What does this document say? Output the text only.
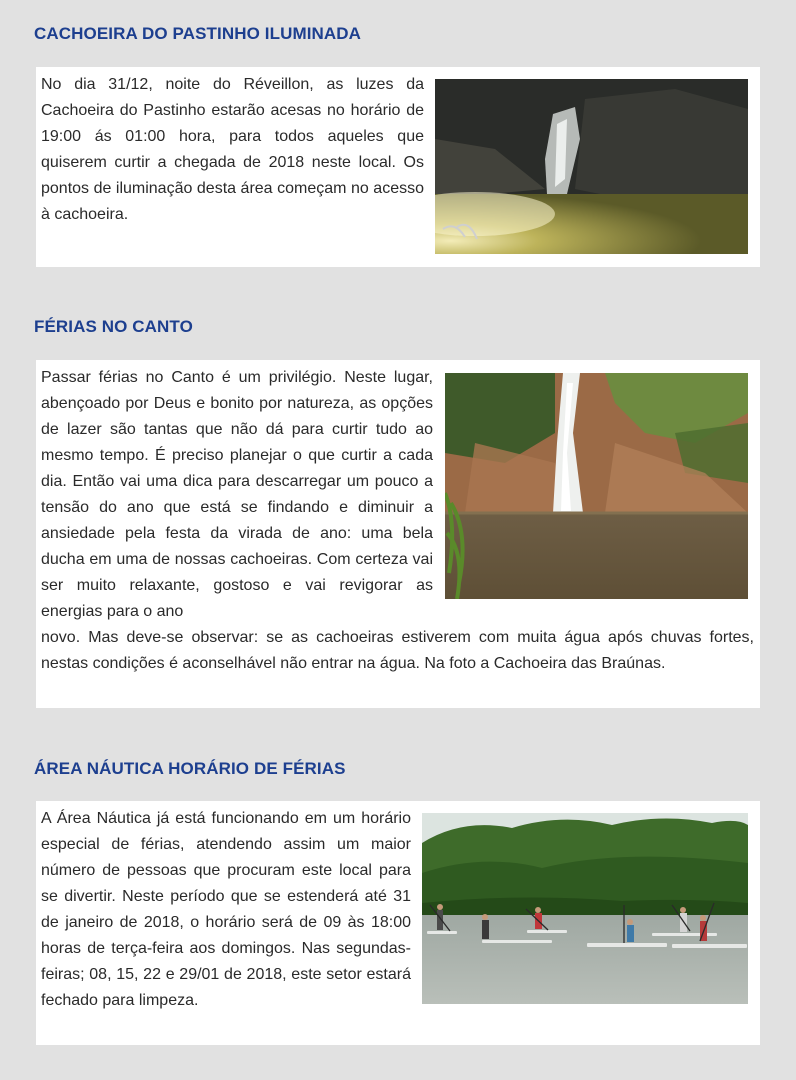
CACHOEIRA DO PASTINHO ILUMINADA

No dia 31/12, noite do Réveillon, as luzes da Cachoeira do Pastinho estarão acesas no horário de 19:00 ás 01:00 hora, para todos aqueles que quiserem curtir a chegada de 2018 neste local. Os pontos de iluminação desta área começam no acesso à cachoeira.

FÉRIAS NO CANTO

Passar férias no Canto é um privilégio. Neste lugar, abençoado por Deus e bonito por natureza, as opções de lazer são tantas que não dá para curtir tudo ao mesmo tempo. É preciso planejar o que curtir a cada dia. Então vai uma dica para descarregar um pouco a tensão do ano que está se findando e diminuir a ansiedade pela festa da virada de ano: uma bela ducha em uma de nossas cachoeiras. Com certeza vai ser muito relaxante, gostoso e vai revigorar as energias para o ano

novo. Mas deve-se observar: se as cachoeiras estiverem com muita água após chuvas fortes, nestas condições é aconselhável não entrar na água. Na foto a Cachoeira das Braúnas.

ÁREA NÁUTICA HORÁRIO DE FÉRIAS

A Área Náutica já está funcionando em um horário especial de férias, atendendo assim um maior número de pessoas que procuram este local para se divertir. Neste período que se estenderá até 31 de janeiro de 2018, o horário será de 09 às 18:00 horas de terça-feira aos domingos. Nas segundas-feiras; 08, 15, 22 e 29/01 de 2018, este setor estará fechado para limpeza.
